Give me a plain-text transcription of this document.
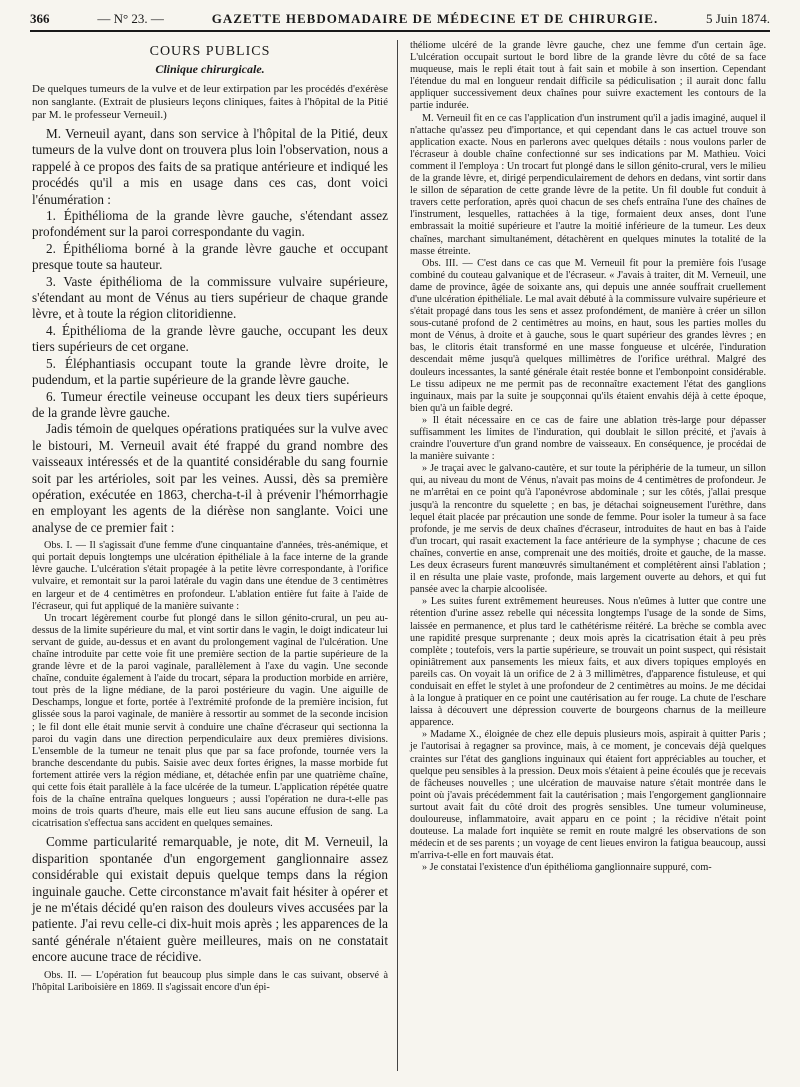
366	— N° 23. —	GAZETTE HEBDOMADAIRE DE MÉDECINE ET DE CHIRURGIE.	5 Juin 1874.
COURS PUBLICS
Clinique chirurgicale.

De quelques tumeurs de la vulve et de leur extirpation par les procédés d'exérèse non sanglante. (Extrait de plusieurs leçons cliniques, faites à l'hôpital de la Pitié par M. le professeur Verneuil.)

M. Verneuil ayant, dans son service à l'hôpital de la Pitié, deux tumeurs de la vulve dont on trouvera plus loin l'observation, nous a rappelé à ce propos des faits de sa pratique antérieure et indiqué les procédés qu'il a mis en usage dans ces cas, dont voici l'énumération :

1. Épithélioma de la grande lèvre gauche, s'étendant assez profondément sur la paroi correspondante du vagin.

2. Épithélioma borné à la grande lèvre gauche et occupant presque toute sa hauteur.

3. Vaste épithélioma de la commissure vulvaire supérieure, s'étendant au mont de Vénus au tiers supérieur de chaque grande lèvre, et à toute la région clitoridienne.

4. Épithélioma de la grande lèvre gauche, occupant les deux tiers supérieurs de cet organe.

5. Éléphantiasis occupant toute la grande lèvre droite, le pudendum, et la partie supérieure de la grande lèvre gauche.

6. Tumeur érectile veineuse occupant les deux tiers supérieurs de la grande lèvre gauche.

Jadis témoin de quelques opérations pratiquées sur la vulve avec le bistouri, M. Verneuil avait été frappé du grand nombre des vaisseaux intéressés et de la quantité considérable du sang fournie soit par les artérioles, soit par les veines. Aussi, dès sa première opération, exécutée en 1863, chercha-t-il à prévenir l'hémorrhagie en employant les agents de la diérèse non sanglante. Voici une analyse de ce premier fait :

Obs. I. — Il s'agissait d'une femme d'une cinquantaine d'années, très-anémique, et qui portait depuis longtemps une ulcération épithéliale à la face interne de la grande lèvre gauche. L'ulcération s'était propagée à la petite lèvre correspondante, à l'orifice vulvaire, et remontait sur la paroi latérale du vagin dans une étendue de 3 centimètres en largeur et de 4 centimètres en profondeur. L'ablation entière fut faite à l'aide de l'écraseur, qui fut appliqué de la manière suivante :

Un trocart légèrement courbe fut plongé dans le sillon génito-crural, un peu au-dessus de la limite supérieure du mal, et vint sortir dans le vagin, le doigt indicateur lui servant de guide, au-dessus et en avant du prolongement vaginal de l'ulcération. Une chaîne introduite par cette voie fit une première section de la partie supérieure de la grande lèvre et de la paroi vaginale, parallèlement à l'axe du vagin. Une seconde chaîne, conduite également à l'aide du trocart, sépara la production morbide en arrière, tout près de la ligne médiane, de la paroi postérieure du vagin. Une aiguille de Deschamps, longue et forte, portée à l'extrémité profonde de la première incision, fut glissée sous la paroi vaginale, de manière à ressortir au sommet de la seconde incision ; le fil dont elle était munie servit à conduire une chaîne d'écraseur qui sectionna la paroi du vagin dans une direction perpendiculaire aux deux premières divisions. L'ensemble de la tumeur ne tenait plus que par sa face profonde, tournée vers la branche descendante du pubis. Saisie avec deux fortes érignes, la masse morbide fut fortement attirée vers la région médiane, et, détachée enfin par une quatrième chaîne, qui cette fois était parallèle à la face ulcérée de la tumeur. L'application répétée quatre fois de la chaîne entraîna quelques longueurs ; aussi l'opération ne dura-t-elle pas moins de trois quarts d'heure, mais elle eut lieu sans aucune effusion de sang. La cicatrisation s'effectua sans accident en quelques semaines.

Comme particularité remarquable, je note, dit M. Verneuil, la disparition spontanée d'un engorgement ganglionnaire assez considérable qui existait depuis quelque temps dans la région inguinale gauche. Cette circonstance m'avait fait hésiter à opérer et je ne m'étais décidé qu'en raison des douleurs vives accusées par la patiente. J'ai revu celle-ci dix-huit mois après ; les apparences de la santé générale n'étaient guère meilleures, mais on ne constatait encore aucune trace de récidive.

Obs. II. — L'opération fut beaucoup plus simple dans le cas suivant, observé à l'hôpital Lariboisière en 1869. Il s'agissait encore d'un épi-

théliome ulcéré de la grande lèvre gauche, chez une femme d'un certain âge. L'ulcération occupait surtout le bord libre de la grande lèvre du côté de sa face muqueuse, mais le repli était tout à fait sain et mobile à son insertion. Cependant l'étendue du mal en longueur rendait difficile sa pédiculisation ; il aurait donc fallu appliquer successivement deux chaînes pour suivre exactement les contours de la partie indurée.

M. Verneuil fit en ce cas l'application d'un instrument qu'il a jadis imaginé, auquel il n'attache qu'assez peu d'importance, et qui cependant dans le cas actuel trouve son application exacte. Nous en parlerons avec quelques détails : nous voulons parler de l'écraseur à double chaîne confectionné sur ses indications par M. Mathieu. Voici comment il l'employa : Un trocart fut plongé dans le sillon génito-crural, vers le milieu de la grande lèvre, et, dirigé perpendiculairement de dehors en dedans, vint sortir dans le sillon de séparation de cette grande lèvre de la petite. Un fil double fut conduit à travers cette perforation, après quoi chacun de ses chefs entraîna l'une des chaînes de l'instrument, lesquelles, rattachées à la tige, formaient deux anses, dont l'une embrassait la moitié supérieure et l'autre la moitié inférieure de la tumeur. Les deux chaînes, marchant simultanément, détachèrent en quelques minutes la totalité de la masse étreinte.

Obs. III. — C'est dans ce cas que M. Verneuil fit pour la première fois l'usage combiné du couteau galvanique et de l'écraseur. « J'avais à traiter, dit M. Verneuil, une dame de province, âgée de soixante ans, qui depuis une année souffrait cruellement d'une ulcération épithéliale. Le mal avait débuté à la commissure vulvaire supérieure et s'était propagé dans tous les sens et assez profondément, de manière à créer un sillon sous-cutané profond de 2 centimètres au moins, en haut, sous les parties molles du mont de Vénus, à droite et à gauche, sous le quart supérieur des grandes lèvres ; en bas, le clitoris était transformé en une masse fongueuse et ulcérée, l'induration descendait même jusqu'à quelques millimètres de l'orifice uréthral. Malgré des douleurs incessantes, la santé générale était restée bonne et l'embonpoint considérable. Le tissu adipeux ne me permit pas de reconnaître exactement l'état des ganglions inguinaux, mais par la suite je soupçonnai qu'ils étaient envahis déjà à cette époque, bien qu'à un faible degré.

» Il était nécessaire en ce cas de faire une ablation très-large pour dépasser suffisamment les limites de l'induration, qui doublait le sillon précité, et j'avais à craindre l'ouverture d'un grand nombre de vaisseaux. En conséquence, je procédai de la manière suivante :

» Je traçai avec le galvano-cautère, et sur toute la périphérie de la tumeur, un sillon qui, au niveau du mont de Vénus, n'avait pas moins de 4 centimètres de profondeur. Je ne m'arrêtai en ce point qu'à l'aponévrose abdominale ; sur les côtés, j'allai presque jusqu'à la rencontre du squelette ; en bas, je détachai soigneusement l'urèthre, dans lequel était placée par précaution une sonde de femme. Pour isoler la tumeur à sa face profonde, je me servis de deux chaînes d'écraseur, introduites de haut en bas à l'aide d'un trocart, qui rasait exactement la face antérieure de la symphyse ; chacune de ces chaînes, convertie en anse, comprenait une des moitiés, droite et gauche, de la masse. Les deux écraseurs furent manœuvrés simultanément et complétèrent ainsi l'ablation ; il en résulta une plaie vaste, profonde, mais largement ouverte au dehors, et qui fut pansée avec la charpie alcoolisée.

» Les suites furent extrêmement heureuses. Nous n'eûmes à lutter que contre une rétention d'urine assez rebelle qui nécessita longtemps l'usage de la sonde de Sims, laissée en permanence, et plus tard le cathétérisme réitéré. La brèche se combla avec une rapidité presque surprenante ; deux mois après la cicatrisation était à peu près complète ; toutefois, vers la partie supérieure, se trouvait un point suspect, qui résistait opiniâtrement aux pansements les mieux faits, et aux divers topiques employés en pareils cas. On voyait là un orifice de 2 à 3 millimètres, d'apparence fistuleuse, et qui conduisait en effet le stylet à une profondeur de 2 centimètres au moins. Je me décidai à la longue à pratiquer en ce point une cautérisation au fer rouge. La chute de l'eschare laissa à découvert une dépression couverte de bourgeons charnus de la meilleure apparence.

» Madame X., éloignée de chez elle depuis plusieurs mois, aspirait à quitter Paris ; je l'autorisai à regagner sa province, mais, à ce moment, je concevais déjà quelques craintes sur l'état des ganglions inguinaux qui étaient fort appréciables au toucher, et quelque peu sensibles à la pression. Deux mois s'étaient à peine écoulés que je recevais de fâcheuses nouvelles ; une ulcération de mauvaise nature s'était montrée dans le point où j'avais précédemment fait la cautérisation ; mais l'engorgement ganglionnaire surtout avait fait du côté droit des progrès sensibles. Une tumeur volumineuse, douloureuse, inflammatoire, avait apparu en ce point ; la récidive n'était point douteuse. La malade fort inquiète se remit en route malgré les observations de son médecin et de ses parents ; un voyage de cent lieues environ la fatigua beaucoup, aussi m'arriva-t-elle en fort mauvais état.

» Je constatai l'existence d'un épithélioma ganglionnaire suppuré, com-
